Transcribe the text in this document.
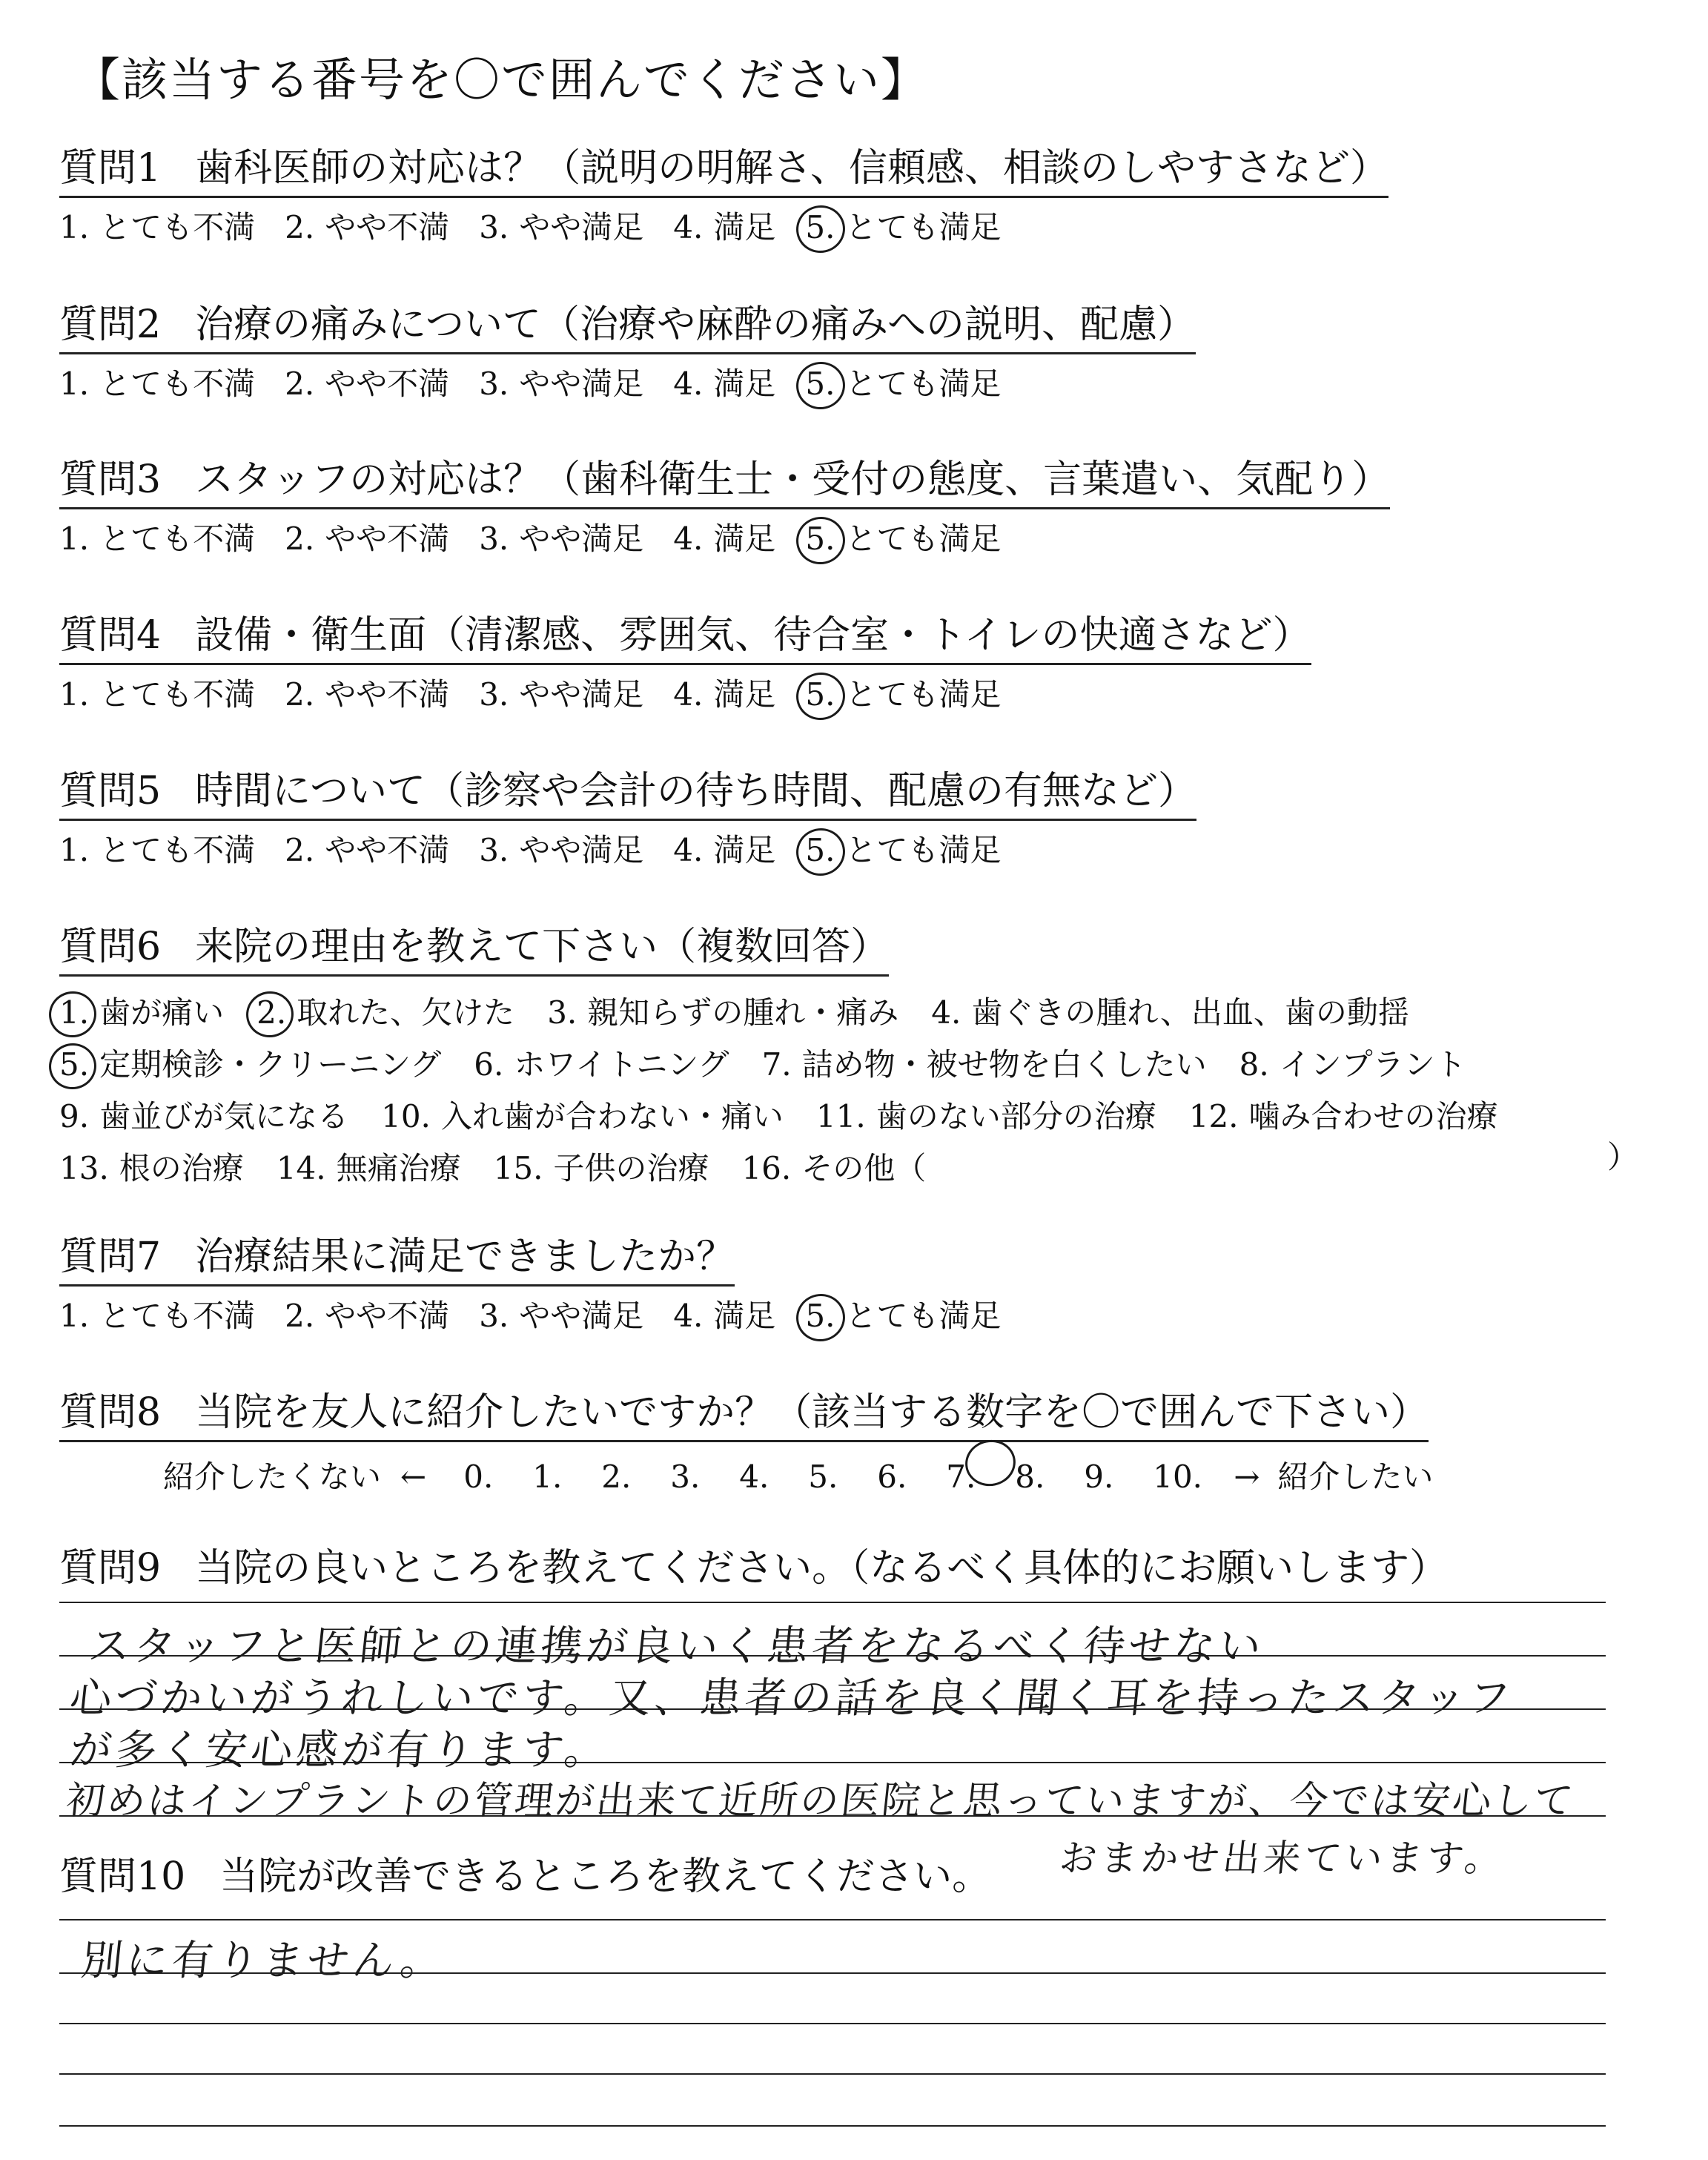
【該当する番号を〇で囲んでください】
質問1 歯科医師の対応は？（説明の明解さ、信頼感、相談のしやすさなど）
1. とても不満 2. やや不満 3. やや満足 4. 満足 5. とても満足
質問2 治療の痛みについて（治療や麻酔の痛みへの説明、配慮）
1. とても不満 2. やや不満 3. やや満足 4. 満足 5. とても満足
質問3 スタッフの対応は？（歯科衛生士・受付の態度、言葉遣い、気配り）
1. とても不満 2. やや不満 3. やや満足 4. 満足 5. とても満足
質問4 設備・衛生面（清潔感、雰囲気、待合室・トイレの快適さなど）
1. とても不満 2. やや不満 3. やや満足 4. 満足 5. とても満足
質問5 時間について（診察や会計の待ち時間、配慮の有無など）
1. とても不満 2. やや不満 3. やや満足 4. 満足 5. とても満足
質問6 来院の理由を教えて下さい（複数回答）
1. 歯が痛い 2. 取れた、欠けた 3. 親知らずの腫れ・痛み 4. 歯ぐきの腫れ、出血、歯の動揺
5. 定期検診・クリーニング 6. ホワイトニング 7. 詰め物・被せ物を白くしたい 8. インプラント
9. 歯並びが気になる 10. 入れ歯が合わない・痛い 11. 歯のない部分の治療 12. 噛み合わせの治療
13. 根の治療 14. 無痛治療 15. 子供の治療 16. その他（	）
質問7 治療結果に満足できましたか？
1. とても不満 2. やや不満 3. やや満足 4. 満足 5. とても満足
質問8 当院を友人に紹介したいですか？（該当する数字を〇で囲んで下さい）
紹介したくない ← 0. 1. 2. 3. 4. 5. 6. 7. 8. 9. 10. → 紹介したい
質問9 当院の良いところを教えてください。（なるべく具体的にお願いします）
スタッフと医師との連携が良いく患者をなるべく待せない
心づかいがうれしいです。又、患者の話を良く聞く耳を持ったスタッフ
が多く安心感が有ります。
初めはインプラントの管理が出来て近所の医院と思っていますが、今では安心して
おまかせ出来ています。
質問10 当院が改善できるところを教えてください。
別に有りません。
